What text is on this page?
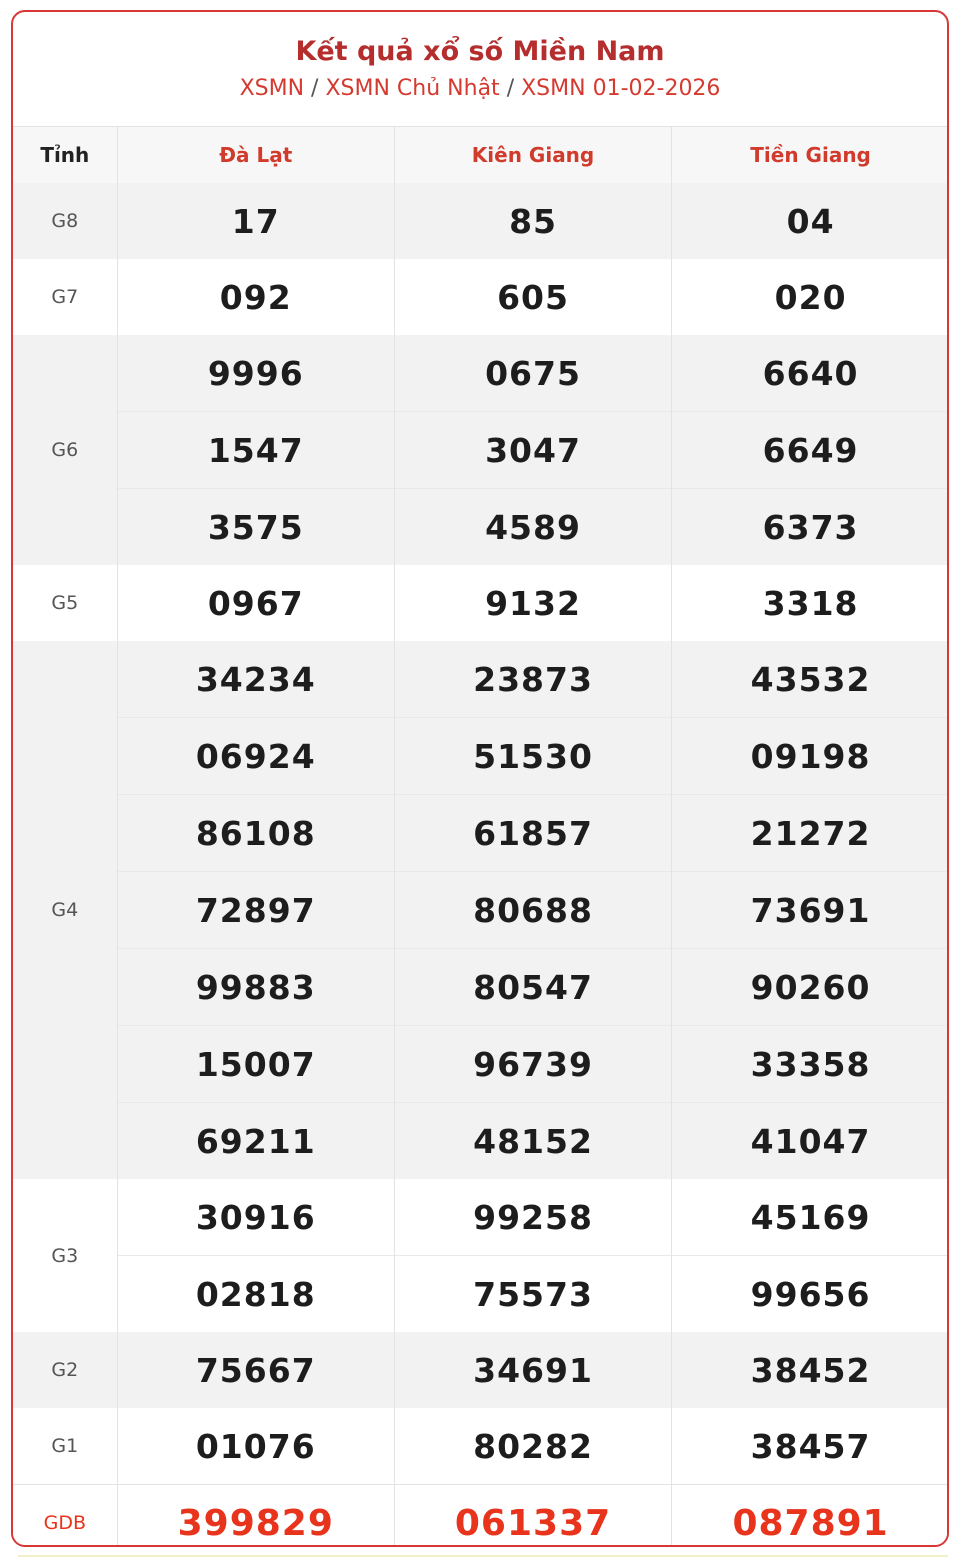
Kết quả xổ số Miền Nam
XSMN / XSMN Chủ Nhật / XSMN 01-02-2026
Tỉnh	Đà Lạt	Kiên Giang	Tiền Giang
G8	17	85	04
G7	092	605	020
G6	9996	0675	6640
	1547	3047	6649
	3575	4589	6373
G5	0967	9132	3318
G4	34234	23873	43532
	06924	51530	09198
	86108	61857	21272
	72897	80688	73691
	99883	80547	90260
	15007	96739	33358
	69211	48152	41047
G3	30916	99258	45169
	02818	75573	99656
G2	75667	34691	38452
G1	01076	80282	38457
GDB	399829	061337	087891
